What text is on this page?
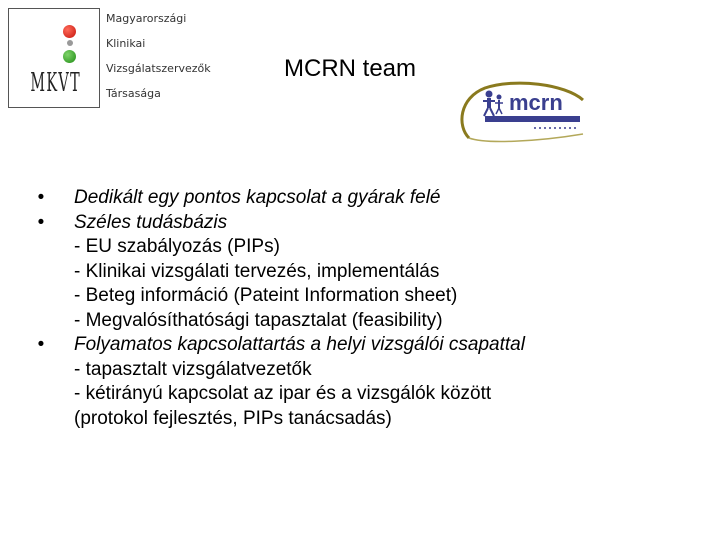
M K V T
Magyarországi
Klinikai
Vizsgálatszervezők
Társasága
MCRN team
mcrn
•	Dedikált egy pontos kapcsolat a gyárak felé
•	Széles tudásbázis
- EU szabályozás (PIPs)
- Klinikai vizsgálati tervezés, implementálás
- Beteg információ (Pateint Information sheet)
- Megvalósíthatósági tapasztalat (feasibility)
•	Folyamatos kapcsolattartás a helyi vizsgálói csapattal
- tapasztalt vizsgálatvezetők
- kétirányú kapcsolat az ipar és a vizsgálók között
(protokol fejlesztés, PIPs tanácsadás)
